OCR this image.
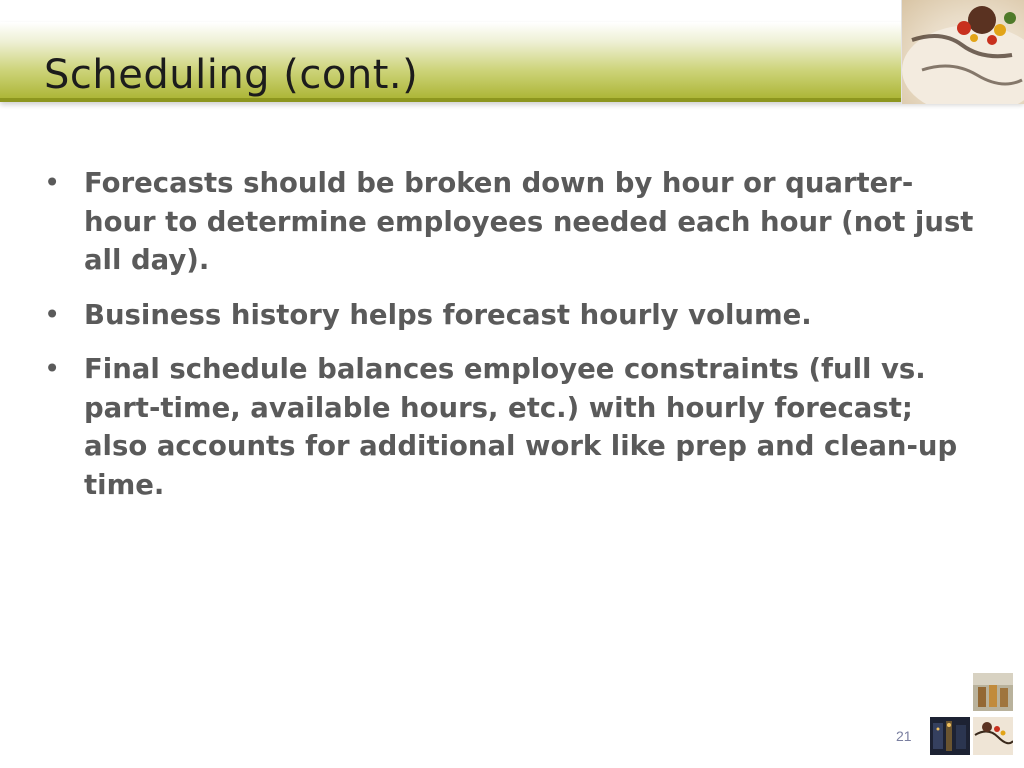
Scheduling (cont.)
• Forecasts should be broken down by hour or quarter-hour to determine employees needed each hour (not just all day).
• Business history helps forecast hourly volume.
• Final schedule balances employee constraints (full vs. part-time, available hours, etc.) with hourly forecast; also accounts for additional work like prep and clean-up time.
21
